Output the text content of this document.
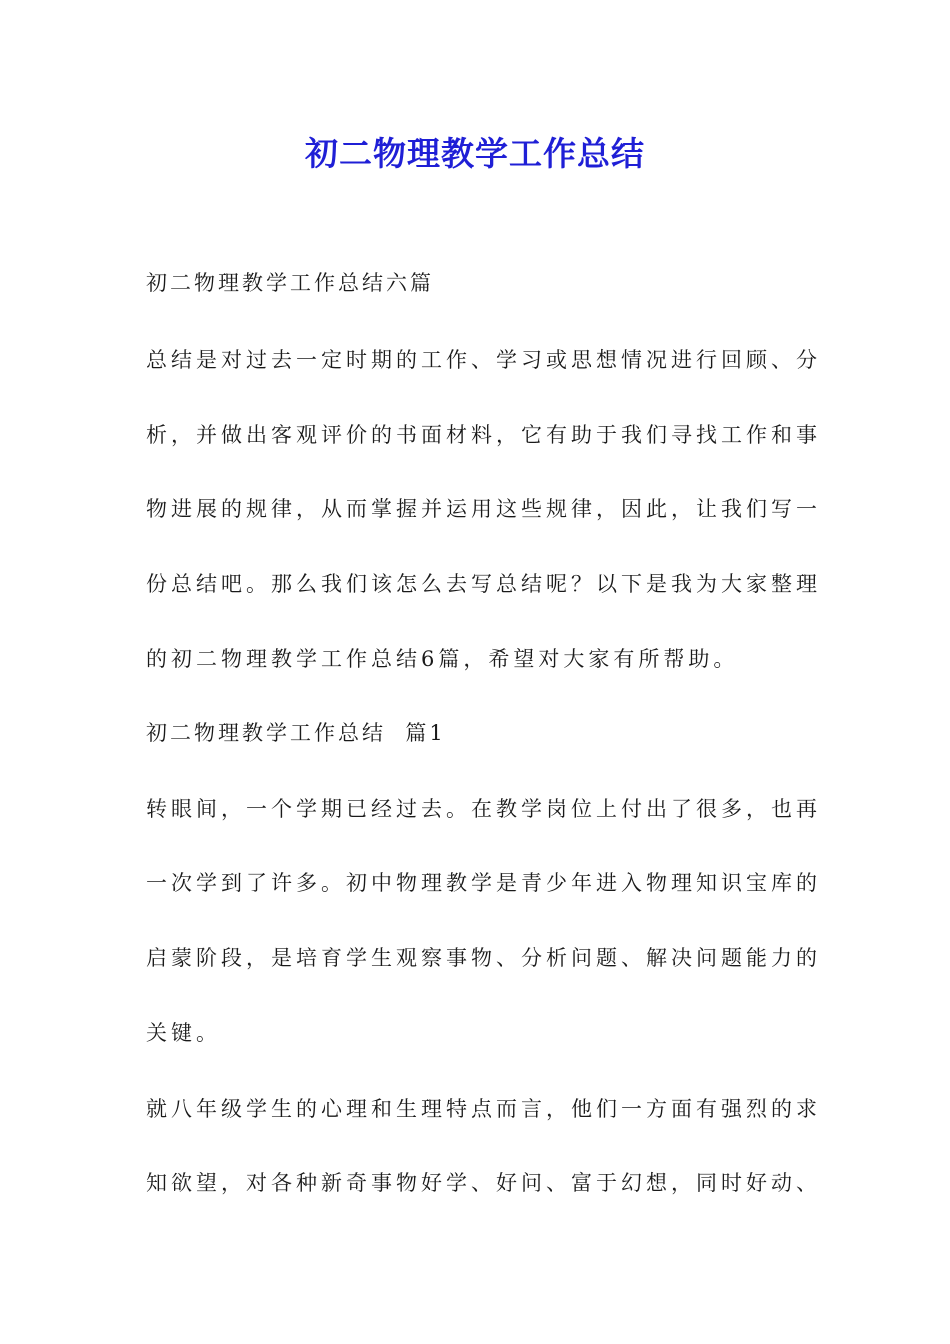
初二物理教学工作总结
初二物理教学工作总结六篇
总结是对过去一定时期的工作、学习或思想情况进行回顾、分
析，并做出客观评价的书面材料，它有助于我们寻找工作和事
物进展的规律，从而掌握并运用这些规律，因此，让我们写一
份总结吧。那么我们该怎么去写总结呢？以下是我为大家整理
的初二物理教学工作总结6篇，希望对大家有所帮助。
初二物理教学工作总结  篇1
转眼间，一个学期已经过去。在教学岗位上付出了很多，也再
一次学到了许多。初中物理教学是青少年进入物理知识宝库的
启蒙阶段，是培育学生观察事物、分析问题、解决问题能力的
关键。
就八年级学生的心理和生理特点而言，他们一方面有强烈的求
知欲望，对各种新奇事物好学、好问、富于幻想，同时好动、
